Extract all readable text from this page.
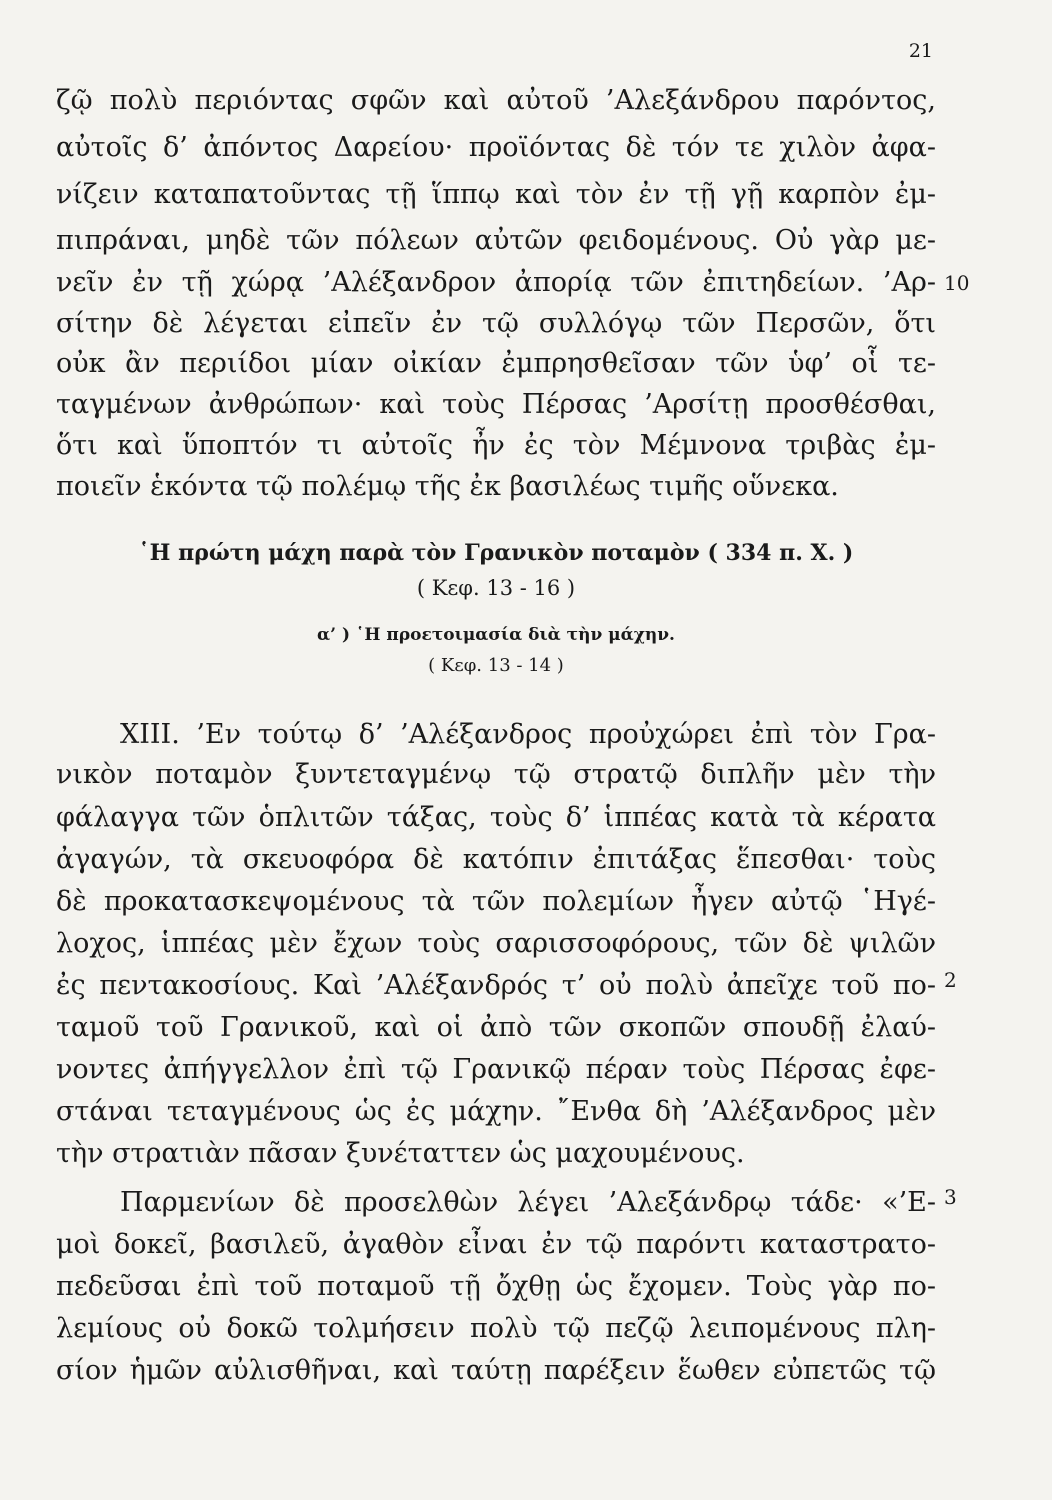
21
ζῷ πολὺ περιόντας σφῶν καὶ αὐτοῦ ’Αλεξάνδρου παρόντος,
αὐτοῖς δ’ ἀπόντος Δαρείου· προϊόντας δὲ τόν τε χιλὸν ἀφα-
νίζειν καταπατοῦντας τῇ ἵππῳ καὶ τὸν ἐν τῇ γῇ καρπὸν ἐμ-
πιπράναι, μηδὲ τῶν πόλεων αὐτῶν φειδομένους. Οὐ γὰρ με-
νεῖν ἐν τῇ χώρᾳ ’Αλέξανδρον ἀπορίᾳ τῶν ἐπιτηδείων. ’Αρ-
σίτην δὲ λέγεται εἰπεῖν ἐν τῷ συλλόγῳ τῶν Περσῶν, ὅτι
οὐκ ἂν περιίδοι μίαν οἰκίαν ἐμπρησθεῖσαν τῶν ὑφ’ οἷ τε-
ταγμένων ἀνθρώπων· καὶ τοὺς Πέρσας ’Αρσίτῃ προσθέσθαι,
ὅτι καὶ ὕποπτόν τι αὐτοῖς ἦν ἐς τὸν Μέμνονα τριβὰς ἐμ-
ποιεῖν ἑκόντα τῷ πολέμῳ τῆς ἐκ βασιλέως τιμῆς οὕνεκα.
10
῾Η πρώτη μάχη παρὰ τὸν Γρανικὸν ποταμὸν ( 334 π. Χ. )
( Κεφ. 13 - 16 )
α’ ) ῾Η προετοιμασία διὰ τὴν μάχην.
( Κεφ. 13 - 14 )
XIII. ’Εν τούτῳ δ’ ’Αλέξανδρος προὐχώρει ἐπὶ τὸν Γρα-
νικὸν ποταμὸν ξυντεταγμένῳ τῷ στρατῷ διπλῆν μὲν τὴν
φάλαγγα τῶν ὁπλιτῶν τάξας, τοὺς δ’ ἱππέας κατὰ τὰ κέρατα
ἀγαγών, τὰ σκευοφόρα δὲ κατόπιν ἐπιτάξας ἕπεσθαι· τοὺς
δὲ προκατασκεψομένους τὰ τῶν πολεμίων ἦγεν αὐτῷ ῾Ηγέ-
λοχος, ἱππέας μὲν ἔχων τοὺς σαρισσοφόρους, τῶν δὲ ψιλῶν
ἐς πεντακοσίους. Καὶ ’Αλέξανδρός τ’ οὐ πολὺ ἀπεῖχε τοῦ πο-
ταμοῦ τοῦ Γρανικοῦ, καὶ οἱ ἀπὸ τῶν σκοπῶν σπουδῇ ἐλαύ-
νοντες ἀπήγγελλον ἐπὶ τῷ Γρανικῷ πέραν τοὺς Πέρσας ἐφε-
στάναι τεταγμένους ὡς ἐς μάχην. ῎Ενθα δὴ ’Αλέξανδρος μὲν
τὴν στρατιὰν πᾶσαν ξυνέταττεν ὡς μαχουμένους.
2
Παρμενίων δὲ προσελθὼν λέγει ’Αλεξάνδρῳ τάδε· «’Ε-
μοὶ δοκεῖ, βασιλεῦ, ἀγαθὸν εἶναι ἐν τῷ παρόντι καταστρατο-
πεδεῦσαι ἐπὶ τοῦ ποταμοῦ τῇ ὄχθῃ ὡς ἔχομεν. Τοὺς γὰρ πο-
λεμίους οὐ δοκῶ τολμήσειν πολὺ τῷ πεζῷ λειπομένους πλη-
σίον ἡμῶν αὐλισθῆναι, καὶ ταύτῃ παρέξειν ἕωθεν εὐπετῶς τῷ
3
